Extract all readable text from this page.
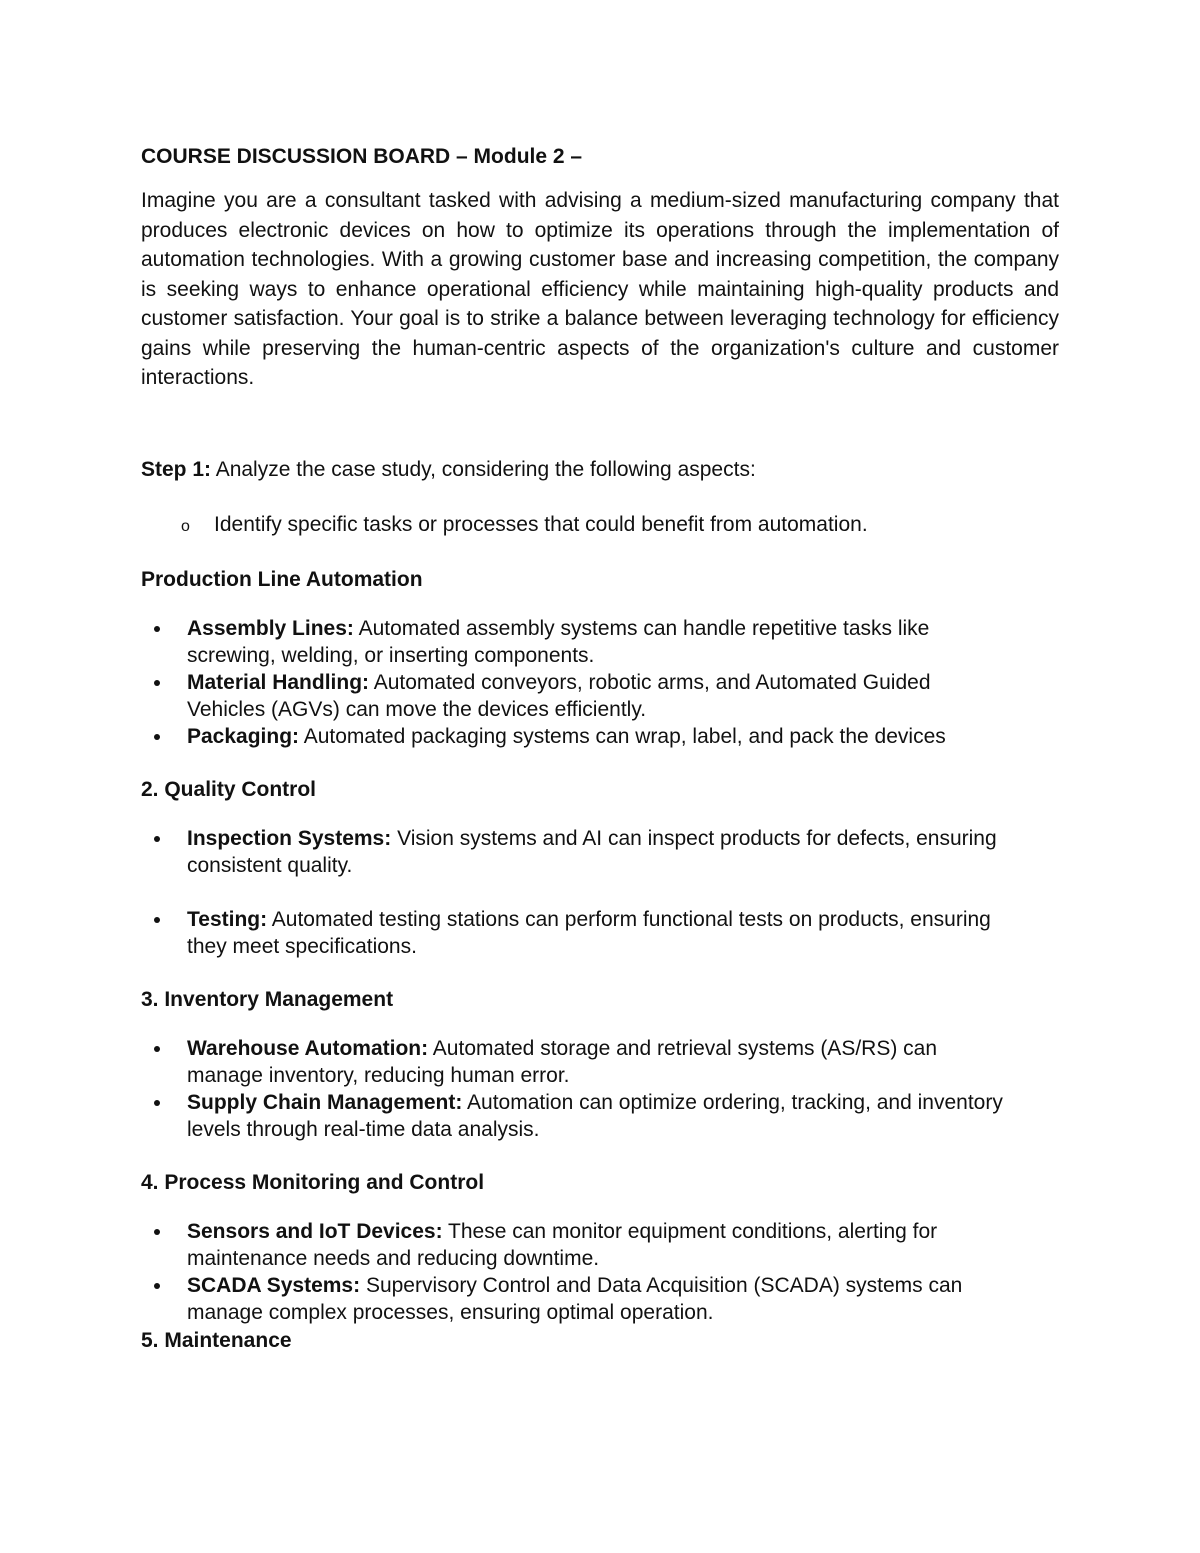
COURSE DISCUSSION BOARD – Module 2 –

Imagine you are a consultant tasked with advising a medium-sized manufacturing company that produces electronic devices on how to optimize its operations through the implementation of automation technologies. With a growing customer base and increasing competition, the company is seeking ways to enhance operational efficiency while maintaining high-quality products and customer satisfaction. Your goal is to strike a balance between leveraging technology for efficiency gains while preserving the human-centric aspects of the organization's culture and customer interactions.

Step 1: Analyze the case study, considering the following aspects:

o Identify specific tasks or processes that could benefit from automation.
Production Line Automation
Assembly Lines: Automated assembly systems can handle repetitive tasks like screwing, welding, or inserting components.
Material Handling: Automated conveyors, robotic arms, and Automated Guided Vehicles (AGVs) can move the devices efficiently.
Packaging: Automated packaging systems can wrap, label, and pack the devices
2. Quality Control
Inspection Systems: Vision systems and AI can inspect products for defects, ensuring consistent quality.
Testing: Automated testing stations can perform functional tests on products, ensuring they meet specifications.
3. Inventory Management
Warehouse Automation: Automated storage and retrieval systems (AS/RS) can manage inventory, reducing human error.
Supply Chain Management: Automation can optimize ordering, tracking, and inventory levels through real-time data analysis.
4. Process Monitoring and Control
Sensors and IoT Devices: These can monitor equipment conditions, alerting for maintenance needs and reducing downtime.
SCADA Systems: Supervisory Control and Data Acquisition (SCADA) systems can manage complex processes, ensuring optimal operation.
5. Maintenance
